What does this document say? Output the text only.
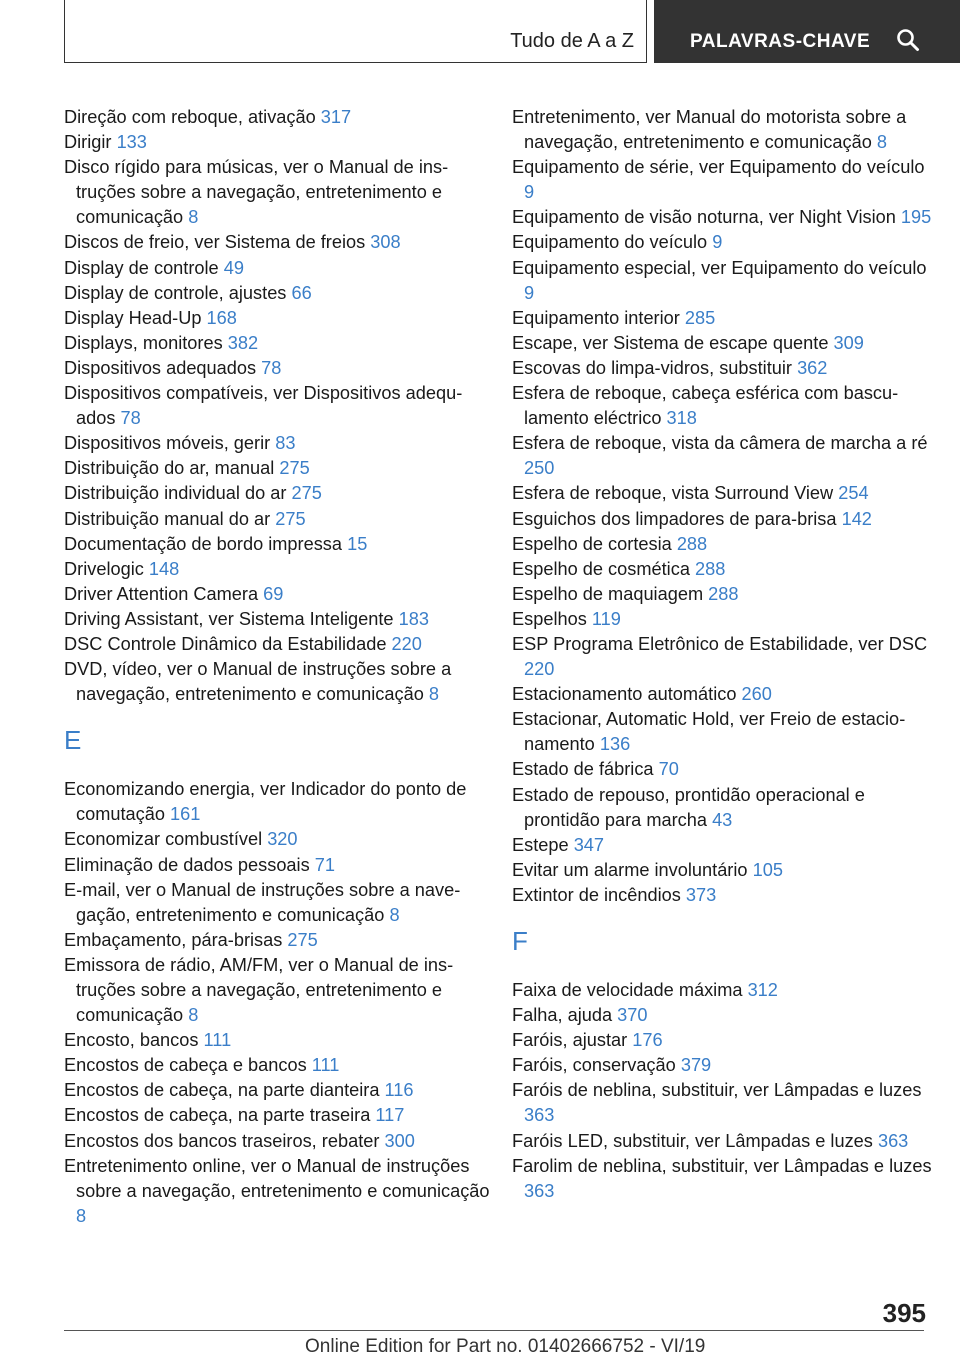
Tudo de A a Z	PALAVRAS-CHAVE
Direção com reboque, ativação 317
Dirigir 133
Disco rígido para músicas, ver o Manual de instruções sobre a navegação, entretenimento e comunicação 8
Discos de freio, ver Sistema de freios 308
Display de controle 49
Display de controle, ajustes 66
Display Head-Up 168
Displays, monitores 382
Dispositivos adequados 78
Dispositivos compatíveis, ver Dispositivos adequados 78
Dispositivos móveis, gerir 83
Distribuição do ar, manual 275
Distribuição individual do ar 275
Distribuição manual do ar 275
Documentação de bordo impressa 15
Drivelogic 148
Driver Attention Camera 69
Driving Assistant, ver Sistema Inteligente 183
DSC Controle Dinâmico da Estabilidade 220
DVD, vídeo, ver o Manual de instruções sobre a navegação, entretenimento e comunicação 8
E
Economizando energia, ver Indicador do ponto de comutação 161
Economizar combustível 320
Eliminação de dados pessoais 71
E-mail, ver o Manual de instruções sobre a navegação, entretenimento e comunicação 8
Embaçamento, pára-brisas 275
Emissora de rádio, AM/FM, ver o Manual de instruções sobre a navegação, entretenimento e comunicação 8
Encosto, bancos 111
Encostos de cabeça e bancos 111
Encostos de cabeça, na parte dianteira 116
Encostos de cabeça, na parte traseira 117
Encostos dos bancos traseiros, rebater 300
Entretenimento online, ver o Manual de instruções sobre a navegação, entretenimento e comunicação 8
Entretenimento, ver Manual do motorista sobre a navegação, entretenimento e comunicação 8
Equipamento de série, ver Equipamento do veículo 9
Equipamento de visão noturna, ver Night Vision 195
Equipamento do veículo 9
Equipamento especial, ver Equipamento do veículo 9
Equipamento interior 285
Escape, ver Sistema de escape quente 309
Escovas do limpa-vidros, substituir 362
Esfera de reboque, cabeça esférica com basculamento eléctrico 318
Esfera de reboque, vista da câmera de marcha a ré 250
Esfera de reboque, vista Surround View 254
Esguichos dos limpadores de para-brisa 142
Espelho de cortesia 288
Espelho de cosmética 288
Espelho de maquiagem 288
Espelhos 119
ESP Programa Eletrônico de Estabilidade, ver DSC 220
Estacionamento automático 260
Estacionar, Automatic Hold, ver Freio de estacionamento 136
Estado de fábrica 70
Estado de repouso, prontidão operacional e prontidão para marcha 43
Estepe 347
Evitar um alarme involuntário 105
Extintor de incêndios 373
F
Faixa de velocidade máxima 312
Falha, ajuda 370
Faróis, ajustar 176
Faróis, conservação 379
Faróis de neblina, substituir, ver Lâmpadas e luzes 363
Faróis LED, substituir, ver Lâmpadas e luzes 363
Farolim de neblina, substituir, ver Lâmpadas e luzes 363
395
Online Edition for Part no. 01402666752 - VI/19
